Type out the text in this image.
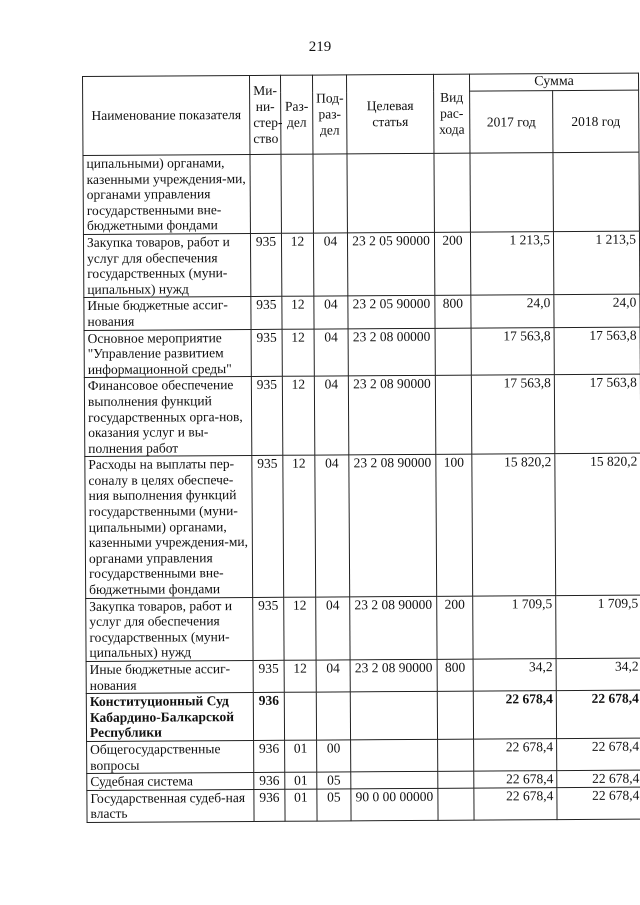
219
Наименование показателя	Ми-ни-стер-ство	Раз-дел	Под-раз-дел	Целевая статья	Вид рас-хода	Сумма	
						2017 год	2018 год
ципальными) органами, казенными учреждения-ми, органами управления государственными вне-бюджетными фондами							
Закупка товаров, работ и услуг для обеспечения государственных (муни-ципальных) нужд	935	12	04	23 2 05 90000	200	1 213,5	1 213,5
Иные бюджетные ассиг-нования	935	12	04	23 2 05 90000	800	24,0	24,0
Основное мероприятие "Управление развитием информационной среды"	935	12	04	23 2 08 00000		17 563,8	17 563,8
Финансовое обеспечение выполнения функций государственных орга-нов, оказания услуг и вы-полнения работ	935	12	04	23 2 08 90000		17 563,8	17 563,8
Расходы на выплаты пер-соналу в целях обеспече-ния выполнения функций государственными (муни-ципальными) органами, казенными учреждения-ми, органами управления государственными вне-бюджетными фондами	935	12	04	23 2 08 90000	100	15 820,2	15 820,2
Закупка товаров, работ и услуг для обеспечения государственных (муни-ципальных) нужд	935	12	04	23 2 08 90000	200	1 709,5	1 709,5
Иные бюджетные ассиг-нования	935	12	04	23 2 08 90000	800	34,2	34,2
Конституционный Суд Кабардино-Балкарской Республики	936					22 678,4	22 678,4
Общегосударственные вопросы	936	01	00			22 678,4	22 678,4
Судебная система	936	01	05			22 678,4	22 678,4
Государственная судеб-ная власть	936	01	05	90 0 00 00000		22 678,4	22 678,4
